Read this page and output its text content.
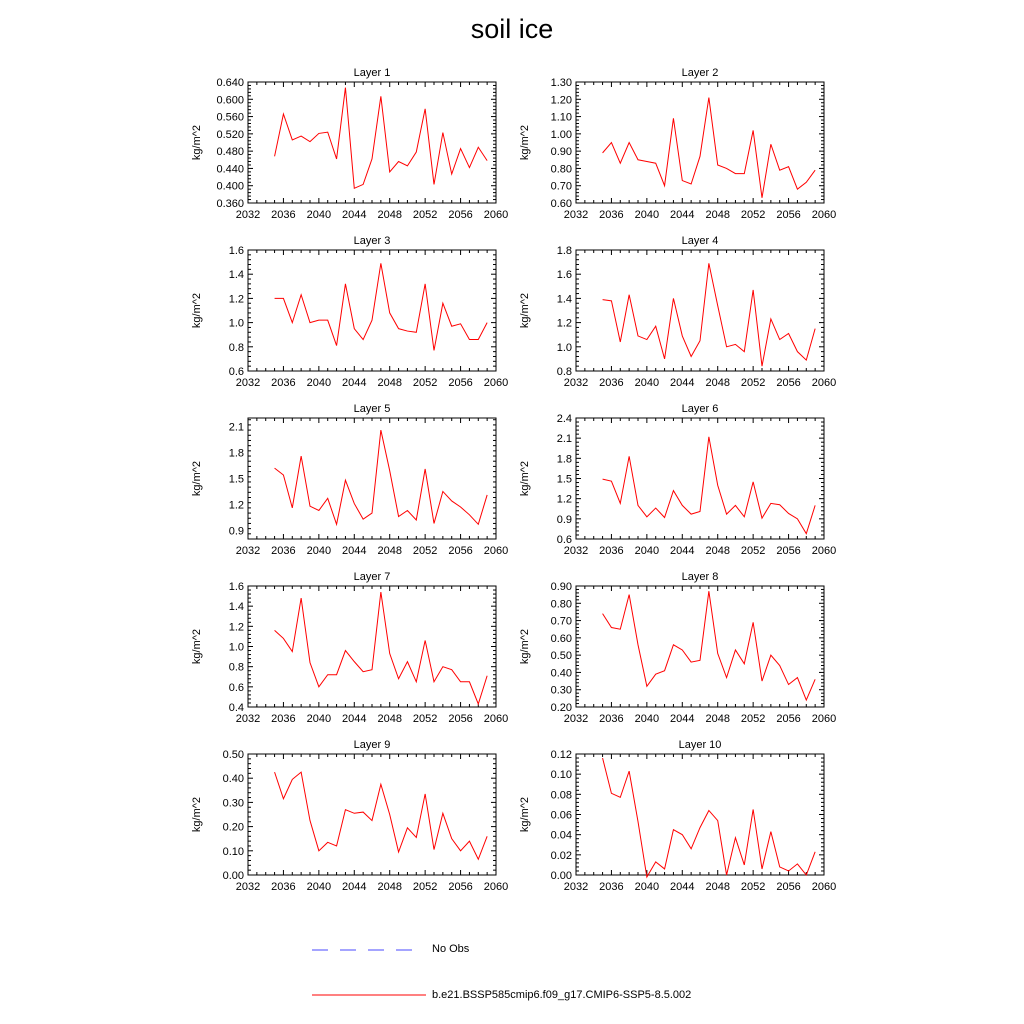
soil ice
Layer 1
kg/m^2
2032 2036 2040 2044 2048 2052 2056 2060
0.360
0.400
0.440
0.480
0.520
0.560
0.600
0.640
Layer 2
kg/m^2
2032 2036 2040 2044 2048 2052 2056 2060
0.60
0.70
0.80
0.90
1.00
1.10
1.20
1.30
Layer 3
kg/m^2
2032 2036 2040 2044 2048 2052 2056 2060
0.6
0.8
1.0
1.2
1.4
1.6
Layer 4
kg/m^2
2032 2036 2040 2044 2048 2052 2056 2060
0.8
1.0
1.2
1.4
1.6
1.8
Layer 5
kg/m^2
2032 2036 2040 2044 2048 2052 2056 2060
0.9
1.2
1.5
1.8
2.1
Layer 6
kg/m^2
2032 2036 2040 2044 2048 2052 2056 2060
0.6
0.9
1.2
1.5
1.8
2.1
2.4
Layer 7
kg/m^2
2032 2036 2040 2044 2048 2052 2056 2060
0.4
0.6
0.8
1.0
1.2
1.4
1.6
Layer 8
kg/m^2
2032 2036 2040 2044 2048 2052 2056 2060
0.20
0.30
0.40
0.50
0.60
0.70
0.80
0.90
Layer 9
kg/m^2
2032 2036 2040 2044 2048 2052 2056 2060
0.00
0.10
0.20
0.30
0.40
0.50
Layer 10
kg/m^2
2032 2036 2040 2044 2048 2052 2056 2060
0.00
0.02
0.04
0.06
0.08
0.10
0.12
No Obs
b.e21.BSSP585cmip6.f09_g17.CMIP6-SSP5-8.5.002
